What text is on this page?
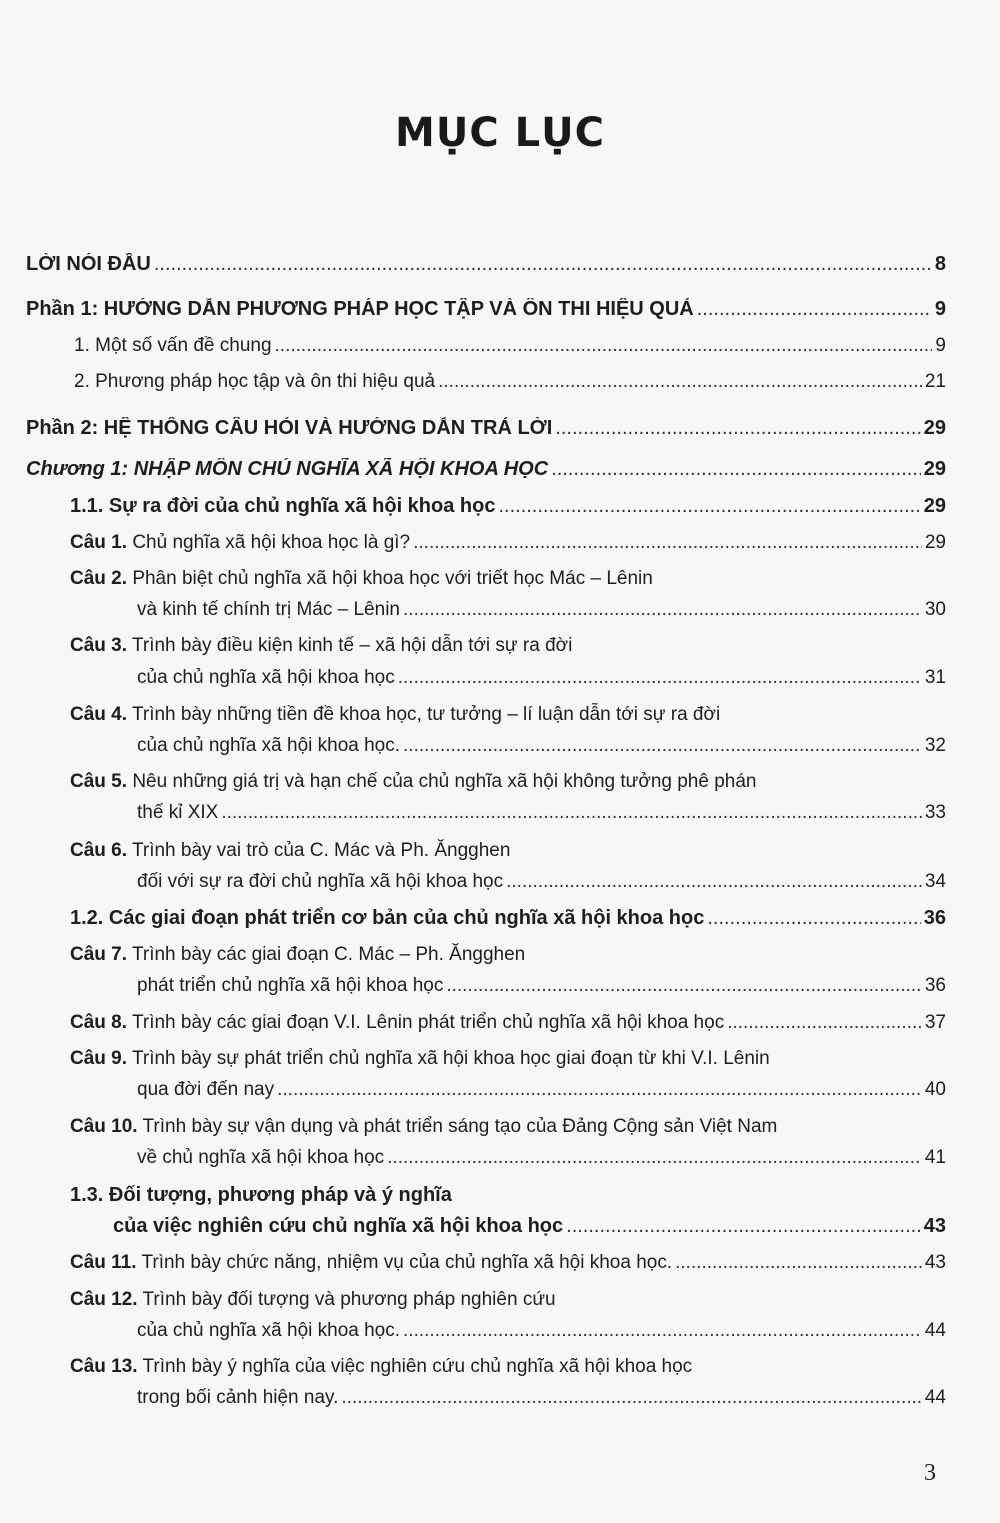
MỤC LỤC
LỜI NÓI ĐẦU .....	8
Phần 1: HƯỚNG DẪN PHƯƠNG PHÁP HỌC TẬP VÀ ÔN THI HIỆU QUẢ .....	9
1. Một số vấn đề chung .....	9
2. Phương pháp học tập và ôn thi hiệu quả .....	21
Phần 2: HỆ THỐNG CÂU HỎI VÀ HƯỚNG DẪN TRẢ LỜI .....	29
Chương 1: NHẬP MÔN CHỦ NGHĨA XÃ HỘI KHOA HỌC .....	29
1.1. Sự ra đời của chủ nghĩa xã hội khoa học .....	29
Câu 1. Chủ nghĩa xã hội khoa học là gì? .....	29
Câu 2. Phân biệt chủ nghĩa xã hội khoa học với triết học Mác – Lênin
và kinh tế chính trị Mác – Lênin .....	30
Câu 3. Trình bày điều kiện kinh tế – xã hội dẫn tới sự ra đời
của chủ nghĩa xã hội khoa học .....	31
Câu 4. Trình bày những tiền đề khoa học, tư tưởng – lí luận dẫn tới sự ra đời
của chủ nghĩa xã hội khoa học. .....	32
Câu 5. Nêu những giá trị và hạn chế của chủ nghĩa xã hội không tưởng phê phán
thế kỉ XIX .....	33
Câu 6. Trình bày vai trò của C. Mác và Ph. Ăngghen
đối với sự ra đời chủ nghĩa xã hội khoa học .....	34
1.2. Các giai đoạn phát triển cơ bản của chủ nghĩa xã hội khoa học .....	36
Câu 7. Trình bày các giai đoạn C. Mác – Ph. Ăngghen
phát triển chủ nghĩa xã hội khoa học .....	36
Câu 8. Trình bày các giai đoạn V.I. Lênin phát triển chủ nghĩa xã hội khoa học .....	37
Câu 9. Trình bày sự phát triển chủ nghĩa xã hội khoa học giai đoạn từ khi V.I. Lênin
qua đời đến nay .....	40
Câu 10. Trình bày sự vận dụng và phát triển sáng tạo của Đảng Cộng sản Việt Nam
về chủ nghĩa xã hội khoa học .....	41
1.3. Đối tượng, phương pháp và ý nghĩa
của việc nghiên cứu chủ nghĩa xã hội khoa học .....	43
Câu 11. Trình bày chức năng, nhiệm vụ của chủ nghĩa xã hội khoa học. .....	43
Câu 12. Trình bày đối tượng và phương pháp nghiên cứu
của chủ nghĩa xã hội khoa học. .....	44
Câu 13. Trình bày ý nghĩa của việc nghiên cứu chủ nghĩa xã hội khoa học
trong bối cảnh hiện nay. .....	44
3
